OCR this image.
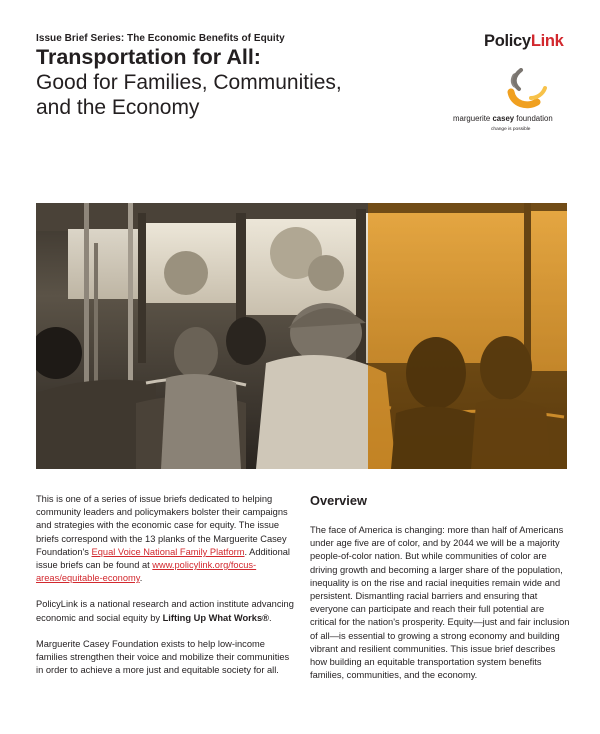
Issue Brief Series: The Economic Benefits of Equity
Transportation for All:
Good for Families, Communities,
and the Economy
PolicyLink
marguerite casey foundation
change is possible

This is one of a series of issue briefs dedicated to helping community leaders and policymakers bolster their campaigns and strategies with the economic case for equity. The issue briefs correspond with the 13 planks of the Marguerite Casey Foundation's Equal Voice National Family Platform. Additional issue briefs can be found at www.policylink.org/focus-areas/equitable-economy.

PolicyLink is a national research and action institute advancing economic and social equity by Lifting Up What Works®.

Marguerite Casey Foundation exists to help low-income families strengthen their voice and mobilize their communities in order to achieve a more just and equitable society for all.

Overview

The face of America is changing: more than half of Americans under age five are of color, and by 2044 we will be a majority people-of-color nation. But while communities of color are driving growth and becoming a larger share of the population, inequality is on the rise and racial inequities remain wide and persistent. Dismantling racial barriers and ensuring that everyone can participate and reach their full potential are critical for the nation's prosperity. Equity—just and fair inclusion of all—is essential to growing a strong economy and building vibrant and resilient communities. This issue brief describes how building an equitable transportation system benefits families, communities, and the economy.
